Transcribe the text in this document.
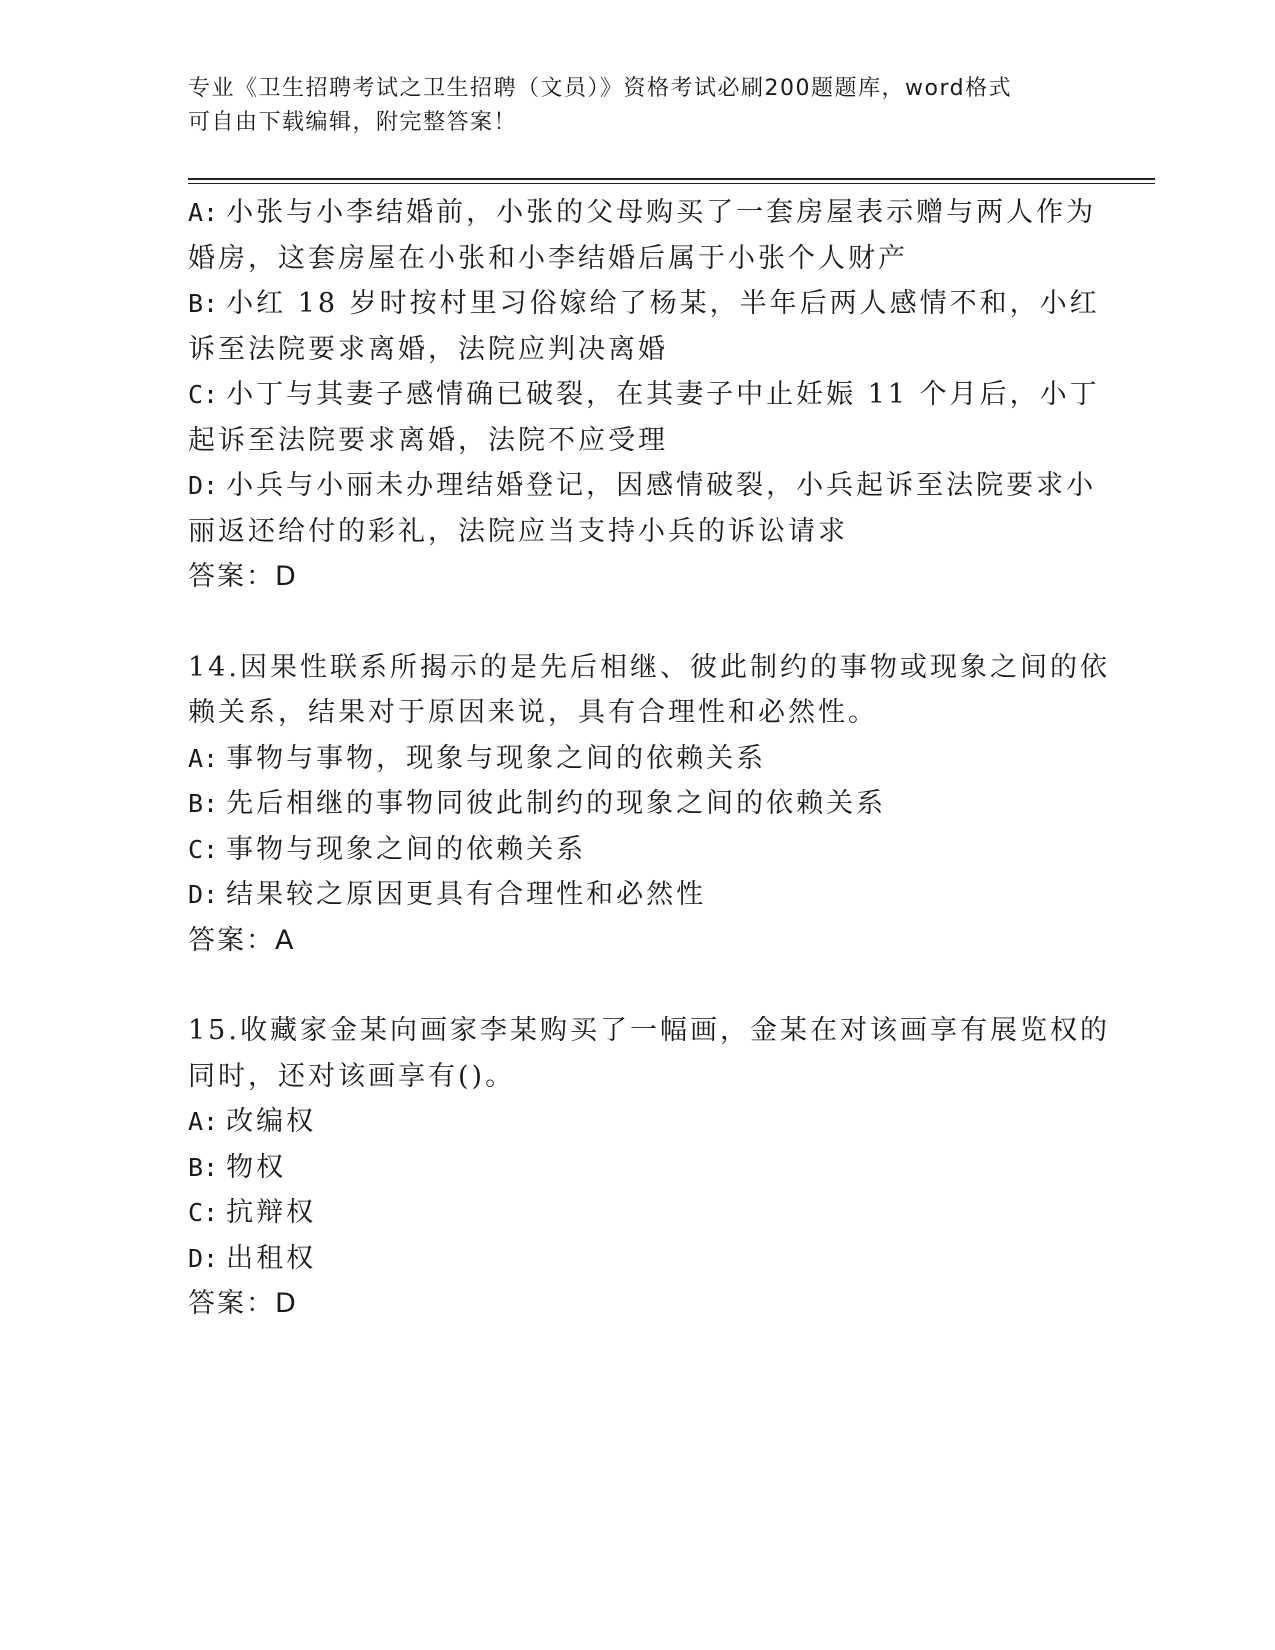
专业《卫生招聘考试之卫生招聘（文员）》资格考试必刷200题题库，word格式
可自由下载编辑，附完整答案！
A: 小张与小李结婚前，小张的父母购买了一套房屋表示赠与两人作为
婚房，这套房屋在小张和小李结婚后属于小张个人财产
B: 小红 18 岁时按村里习俗嫁给了杨某，半年后两人感情不和，小红
诉至法院要求离婚，法院应判决离婚
C: 小丁与其妻子感情确已破裂，在其妻子中止妊娠 11 个月后，小丁
起诉至法院要求离婚，法院不应受理
D: 小兵与小丽未办理结婚登记，因感情破裂，小兵起诉至法院要求小
丽返还给付的彩礼，法院应当支持小兵的诉讼请求
答案：D
14.因果性联系所揭示的是先后相继、彼此制约的事物或现象之间的依
赖关系，结果对于原因来说，具有合理性和必然性。
A: 事物与事物，现象与现象之间的依赖关系
B: 先后相继的事物同彼此制约的现象之间的依赖关系
C: 事物与现象之间的依赖关系
D: 结果较之原因更具有合理性和必然性
答案：A
15.收藏家金某向画家李某购买了一幅画，金某在对该画享有展览权的
同时，还对该画享有()。
A: 改编权
B: 物权
C: 抗辩权
D: 出租权
答案：D
